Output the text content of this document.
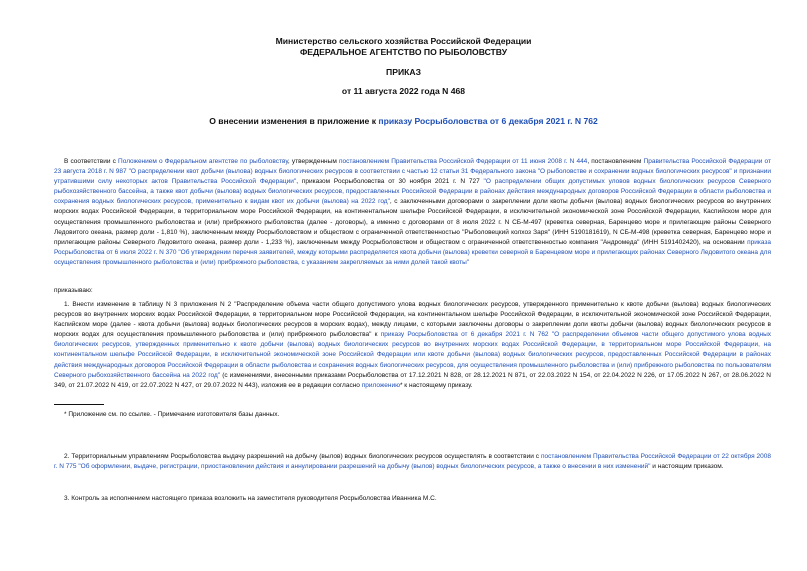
Министерство сельского хозяйства Российской Федерации
ФЕДЕРАЛЬНОЕ АГЕНТСТВО ПО РЫБОЛОВСТВУ
ПРИКАЗ
от 11 августа 2022 года N 468
О внесении изменения в приложение к приказу Росрыболовства от 6 декабря 2021 г. N 762

В соответствии с Положением о Федеральном агентстве по рыболовству, утвержденным постановлением Правительства Российской Федерации от 11 июня 2008 г. N 444, постановлением Правительства Российской Федерации от 23 августа 2018 г. N 987 "О распределении квот добычи (вылова) водных биологических ресурсов в соответствии с частью 12 статьи 31 Федерального закона "О рыболовстве и сохранении водных биологических ресурсов" и признании утратившими силу некоторых актов Правительства Российской Федерации", приказом Росрыболовства от 30 ноября 2021 г. N 727 "О распределении общих допустимых уловов водных биологических ресурсов Северного рыбохозяйственного бассейна, а также квот добычи (вылова) водных биологических ресурсов, предоставленных Российской Федерации в районах действия международных договоров Российской Федерации в области рыболовства и сохранения водных биологических ресурсов, применительно к видам квот их добычи (вылова) на 2022 год", с заключенными договорами о закреплении доли квоты добычи (вылова) водных биологических ресурсов во внутренних морских водах Российской Федерации, в территориальном море Российской Федерации, на континентальном шельфе Российской Федерации, в исключительной экономической зоне Российской Федерации, Каспийском море для осуществления промышленного рыболовства и (или) прибрежного рыболовства (далее - договоры), а именно с договорами от 8 июля 2022 г. N СБ-М-497 (креветка северная, Баренцево море и прилегающие районы Северного Ледовитого океана, размер доли - 1,810 %), заключенным между Росрыболовством и обществом с ограниченной ответственностью "Рыболовецкий колхоз Заря" (ИНН 5190181619), N СБ-М-498 (креветка северная, Баренцево море и прилегающие районы Северного Ледовитого океана, размер доли - 1,233 %), заключенным между Росрыболовством и обществом с ограниченной ответственностью компания "Андромеда" (ИНН 5191402420), на основании приказа Росрыболовства от 6 июля 2022 г. N 370 "Об утверждении перечня заявителей, между которыми распределяется квота добычи (вылова) креветки северной в Баренцевом море и прилегающих районах Северного Ледовитого океана для осуществления промышленного рыболовства и (или) прибрежного рыболовства, с указанием закрепляемых за ними долей такой квоты"

приказываю:

1. Внести изменение в таблицу N 3 приложения N 2 "Распределение объема части общего допустимого улова водных биологических ресурсов, утвержденного применительно к квоте добычи (вылова) водных биологических ресурсов во внутренних морских водах Российской Федерации, в территориальном море Российской Федерации, на континентальном шельфе Российской Федерации, в исключительной экономической зоне Российской Федерации, Каспийском море (далее - квота добычи (вылова) водных биологических ресурсов в морских водах), между лицами, с которыми заключены договоры о закреплении доли квоты добычи (вылова) водных биологических ресурсов в морских водах для осуществления промышленного рыболовства и (или) прибрежного рыболовства" к приказу Росрыболовства от 6 декабря 2021 г. N 762 "О распределении объемов части общего допустимого улова водных биологических ресурсов, утвержденных применительно к квоте добычи (вылова) водных биологических ресурсов во внутренних морских водах Российской Федерации, в территориальном море Российской Федерации, на континентальном шельфе Российской Федерации, в исключительной экономической зоне Российской Федерации или квоте добычи (вылова) водных биологических ресурсов, предоставленных Российской Федерации в районах действия международных договоров Российской Федерации в области рыболовства и сохранения водных биологических ресурсов, для осуществления промышленного рыболовства и (или) прибрежного рыболовства по пользователям Северного рыбохозяйственного бассейна на 2022 год" (с изменениями, внесенными приказами Росрыболовства от 17.12.2021 N 828, от 28.12.2021 N 871, от 22.03.2022 N 154, от 22.04.2022 N 226, от 17.05.2022 N 267, от 28.06.2022 N 349, от 21.07.2022 N 419, от 22.07.2022 N 427, от 29.07.2022 N 443), изложив ее в редакции согласно приложению* к настоящему приказу.

* Приложение см. по ссылке. - Примечание изготовителя базы данных.

2. Территориальным управлениям Росрыболовства выдачу разрешений на добычу (вылов) водных биологических ресурсов осуществлять в соответствии с постановлением Правительства Российской Федерации от 22 октября 2008 г. N 775 "Об оформлении, выдаче, регистрации, приостановлении действия и аннулировании разрешений на добычу (вылов) водных биологических ресурсов, а также о внесении в них изменений" и настоящим приказом.

3. Контроль за исполнением настоящего приказа возложить на заместителя руководителя Росрыболовства Иванника М.С.
